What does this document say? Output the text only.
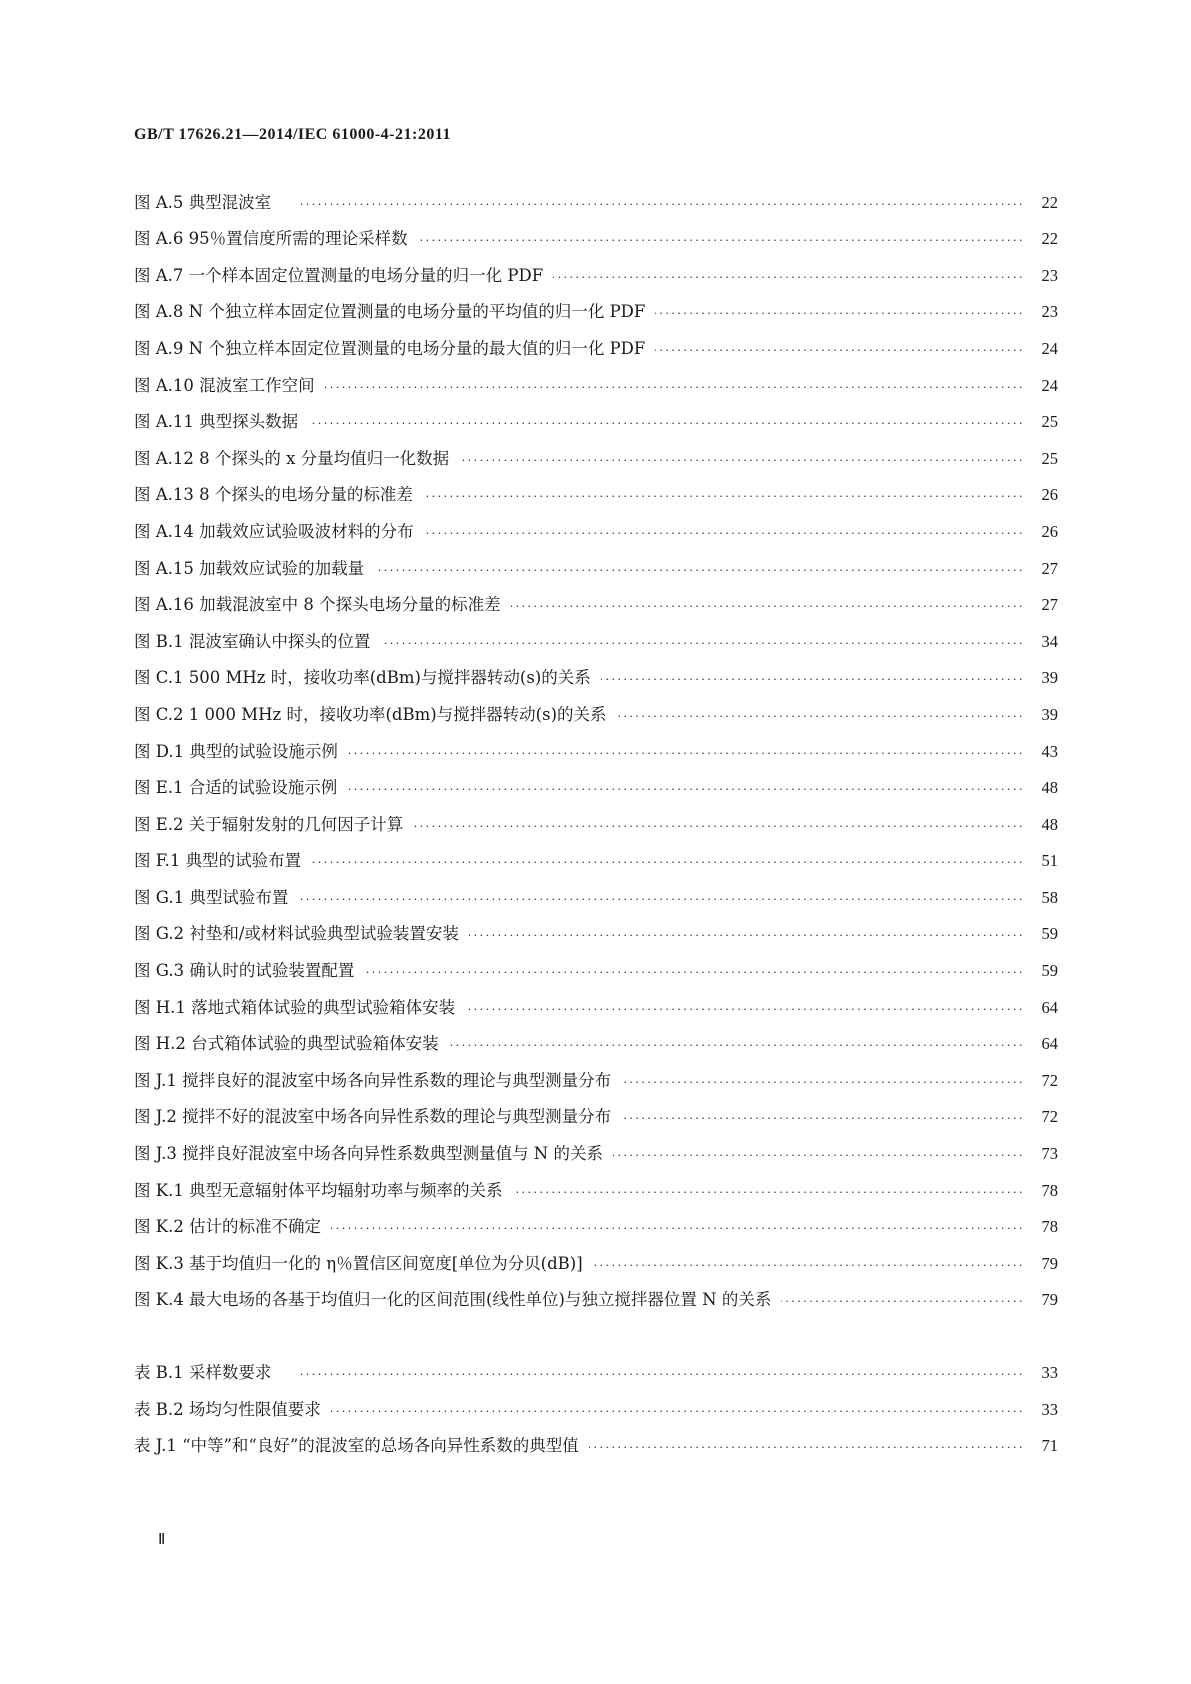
GB/T 17626.21—2014/IEC 61000-4-21:2011
图 A.5 典型混波室 · · ·	22
图 A.6 95％置信度所需的理论采样数 · · ·	22
图 A.7 一个样本固定位置测量的电场分量的归一化 PDF · · ·	23
图 A.8 N 个独立样本固定位置测量的电场分量的平均值的归一化 PDF · · ·	23
图 A.9 N 个独立样本固定位置测量的电场分量的最大值的归一化 PDF · · ·	24
图 A.10 混波室工作空间 · · ·	24
图 A.11 典型探头数据 · · ·	25
图 A.12 8 个探头的 x 分量均值归一化数据 · · ·	25
图 A.13 8 个探头的电场分量的标准差 · · ·	26
图 A.14 加载效应试验吸波材料的分布 · · ·	26
图 A.15 加载效应试验的加载量 · · ·	27
图 A.16 加载混波室中 8 个探头电场分量的标准差 · · ·	27
图 B.1 混波室确认中探头的位置 · · ·	34
图 C.1 500 MHz 时，接收功率(dBm)与搅拌器转动(s)的关系 · · ·	39
图 C.2 1 000 MHz 时，接收功率(dBm)与搅拌器转动(s)的关系 · · ·	39
图 D.1 典型的试验设施示例 · · ·	43
图 E.1 合适的试验设施示例 · · ·	48
图 E.2 关于辐射发射的几何因子计算 · · ·	48
图 F.1 典型的试验布置 · · ·	51
图 G.1 典型试验布置 · · ·	58
图 G.2 衬垫和/或材料试验典型试验装置安装 · · ·	59
图 G.3 确认时的试验装置配置 · · ·	59
图 H.1 落地式箱体试验的典型试验箱体安装 · · ·	64
图 H.2 台式箱体试验的典型试验箱体安装 · · ·	64
图 J.1 搅拌良好的混波室中场各向异性系数的理论与典型测量分布 · · ·	72
图 J.2 搅拌不好的混波室中场各向异性系数的理论与典型测量分布 · · ·	72
图 J.3 搅拌良好混波室中场各向异性系数典型测量值与 N 的关系 · · ·	73
图 K.1 典型无意辐射体平均辐射功率与频率的关系 · · ·	78
图 K.2 估计的标准不确定 · · ·	78
图 K.3 基于均值归一化的 η％置信区间宽度[单位为分贝(dB)] · · ·	79
图 K.4 最大电场的各基于均值归一化的区间范围(线性单位)与独立搅拌器位置 N 的关系 · · ·	79
表 B.1 采样数要求 · · ·	33
表 B.2 场均匀性限值要求 · · ·	33
表 J.1 “中等”和“良好”的混波室的总场各向异性系数的典型值 · · ·	71
Ⅱ
